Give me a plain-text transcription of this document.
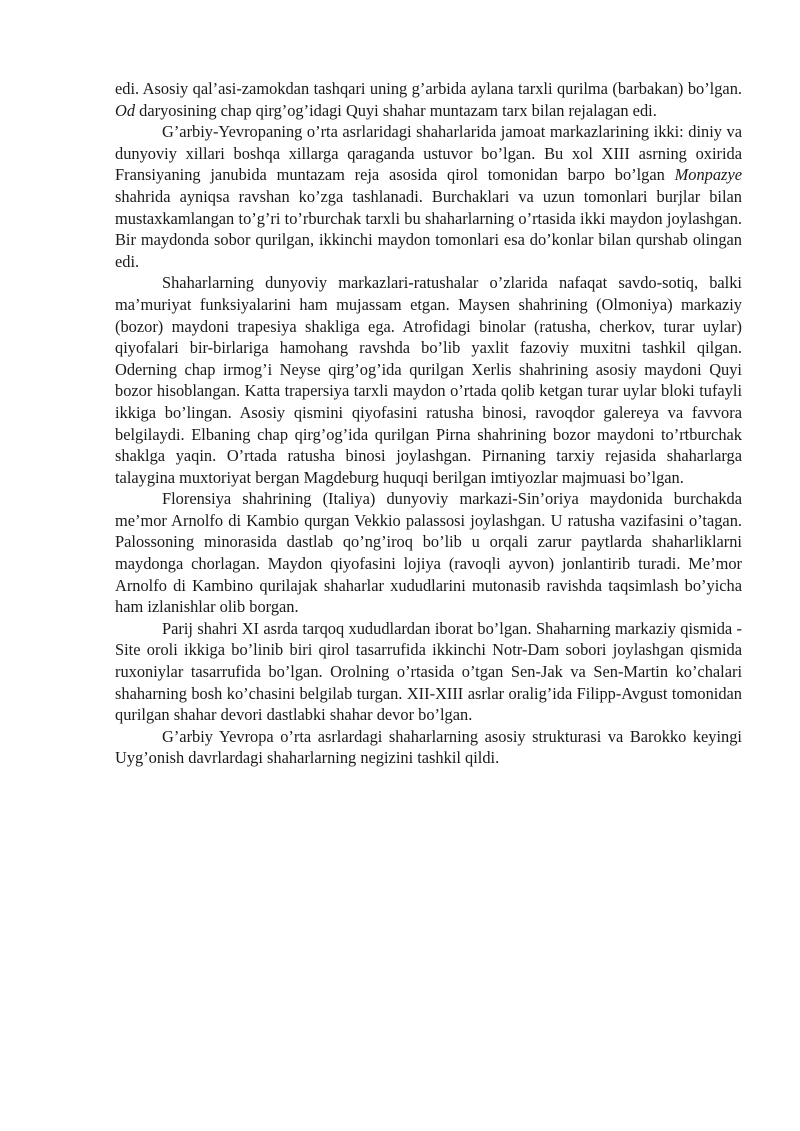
edi. Asosiy qal’asi-zamokdan tashqari uning g’arbida aylana tarxli qurilma (barbakan) bo’lgan. Od daryosining chap qirg’og’idagi Quyi shahar muntazam tarx bilan rejalagan edi.

G’arbiy-Yevropaning o’rta asrlaridagi shaharlarida jamoat markazlarining ikki: diniy va dunyoviy xillari boshqa xillarga qaraganda ustuvor bo’lgan. Bu xol XIII asrning oxirida Fransiyaning janubida muntazam reja asosida qirol tomonidan barpo bo’lgan Monpazye shahrida ayniqsa ravshan ko’zga tashlanadi. Burchaklari va uzun tomonlari burjlar bilan mustaxkamlangan to’g’ri to’rburchak tarxli bu shaharlarning o’rtasida ikki maydon joylashgan. Bir maydonda sobor qurilgan, ikkinchi maydon tomonlari esa do’konlar bilan qurshab olingan edi.

Shaharlarning dunyoviy markazlari-ratushalar o’zlarida nafaqat savdo-sotiq, balki ma’muriyat funksiyalarini ham mujassam etgan. Maysen shahrining (Olmoniya) markaziy (bozor) maydoni trapesiya shakliga ega. Atrofidagi binolar (ratusha, cherkov, turar uylar) qiyofalari bir-birlariga hamohang ravshda bo’lib yaxlit fazoviy muxitni tashkil qilgan. Oderning chap irmog’i Neyse qirg’og’ida qurilgan Xerlis shahrining asosiy maydoni Quyi bozor hisoblangan. Katta trapersiya tarxli maydon o’rtada qolib ketgan turar uylar bloki tufayli ikkiga bo’lingan. Asosiy qismini qiyofasini ratusha binosi, ravoqdor galereya va favvora belgilaydi. Elbaning chap qirg’og’ida qurilgan Pirna shahrining bozor maydoni to’rtburchak shaklga yaqin. O’rtada ratusha binosi joylashgan. Pirnaning tarxiy rejasida shaharlarga talaygina muxtoriyat bergan Magdeburg huquqi berilgan imtiyozlar majmuasi bo’lgan.

Florensiya shahrining (Italiya) dunyoviy markazi-Sin’oriya maydonida burchakda me’mor Arnolfo di Kambio qurgan Vekkio palassosi joylashgan. U ratusha vazifasini o’tagan. Palossoning minorasida dastlab qo’ng’iroq bo’lib u orqali zarur paytlarda shaharliklarni maydonga chorlagan. Maydon qiyofasini lojiya (ravoqli ayvon) jonlantirib turadi. Me’mor Arnolfo di Kambino qurilajak shaharlar xududlarini mutonasib ravishda taqsimlash bo’yicha ham izlanishlar olib borgan.

Parij shahri XI asrda tarqoq xududlardan iborat bo’lgan. Shaharning markaziy qismida - Site oroli ikkiga bo’linib biri qirol tasarrufida ikkinchi Notr-Dam sobori joylashgan qismida ruxoniylar tasarrufida bo’lgan. Orolning o’rtasida o’tgan Sen-Jak va Sen-Martin ko’chalari shaharning bosh ko’chasini belgilab turgan. XII-XIII asrlar oralig’ida Filipp-Avgust tomonidan qurilgan shahar devori dastlabki shahar devor bo’lgan.

G’arbiy Yevropa o’rta asrlardagi shaharlarning asosiy strukturasi va Barokko keyingi Uyg’onish davrlardagi shaharlarning negizini tashkil qildi.
